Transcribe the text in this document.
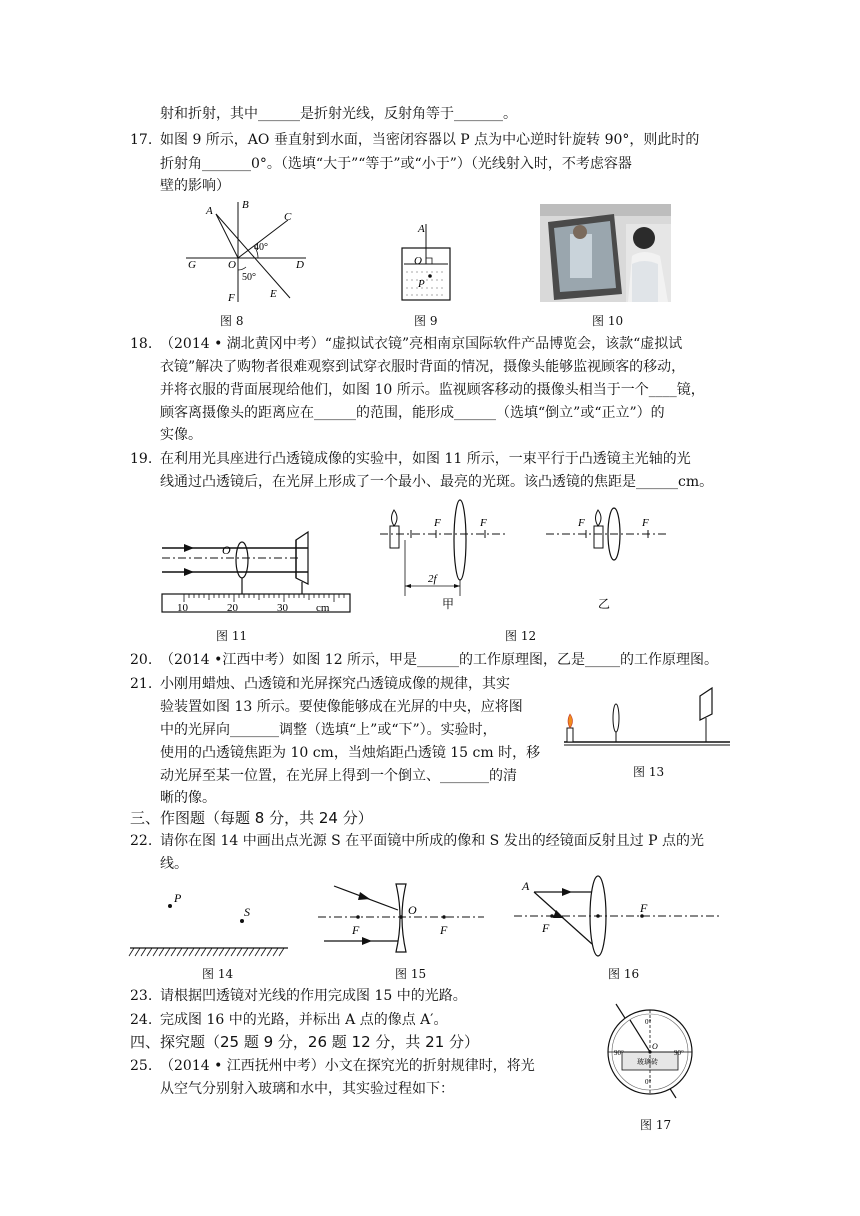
射和折射，其中______是折射光线，反射角等于_______。
17. 如图 9 所示，AO 垂直射到水面，当密闭容器以 P 点为中心逆时针旋转 90°，则此时的
折射角_______0°。（选填“大于”“等于”或“小于”）（光线射入时，不考虑容器
壁的影响）
18. （2014 • 湖北黄冈中考）“虚拟试衣镜”亮相南京国际软件产品博览会，该款“虚拟试
衣镜”解决了购物者很难观察到试穿衣服时背面的情况，摄像头能够监视顾客的移动，
并将衣服的背面展现给他们，如图 10 所示。监视顾客移动的摄像头相当于一个____镜，
顾客离摄像头的距离应在______的范围，能形成______（选填“倒立”或“正立”）的
实像。
19. 在利用光具座进行凸透镜成像的实验中，如图 11 所示，一束平行于凸透镜主光轴的光
线通过凸透镜后，在光屏上形成了一个最小、最亮的光斑。该凸透镜的焦距是______cm。
20. （2014 •江西中考）如图 12 所示，甲是______的工作原理图，乙是_____的工作原理图。
21. 小刚用蜡烛、凸透镜和光屏探究凸透镜成像的规律，其实
验装置如图 13 所示。要使像能够成在光屏的中央，应将图
中的光屏向_______调整（选填“上”或“下”）。实验时，
使用的凸透镜焦距为 10 cm，当烛焰距凸透镜 15 cm 时，移
动光屏至某一位置，在光屏上得到一个倒立、_______的清
晰的像。
三、作图题（每题 8 分，共 24 分）
22. 请你在图 14 中画出点光源 S 在平面镜中所成的像和 S 发出的经镜面反射且过 P 点的光
线。
23. 请根据凹透镜对光线的作用完成图 15 中的光路。
24. 完成图 16 中的光路，并标出 A 点的像点 A′。
四、探究题（25 题 9 分，26 题 12 分，共 21 分）
25. （2014 • 江西抚州中考）小文在探究光的折射规律时，将光
从空气分别射入玻璃和水中，其实验过程如下：
A	B
C
G	O	D
F	E
40°
50°
图 8
A
O
P
图 9	图 10
O
10	20	30	cm
图 11
F	F
2f
甲
F	F
乙
图 12
图 13
P
S
图 14
F
O
F
图 15
A
F
F
图 16
0°
90°
O
90°
玻璃砖
0°
图 17
